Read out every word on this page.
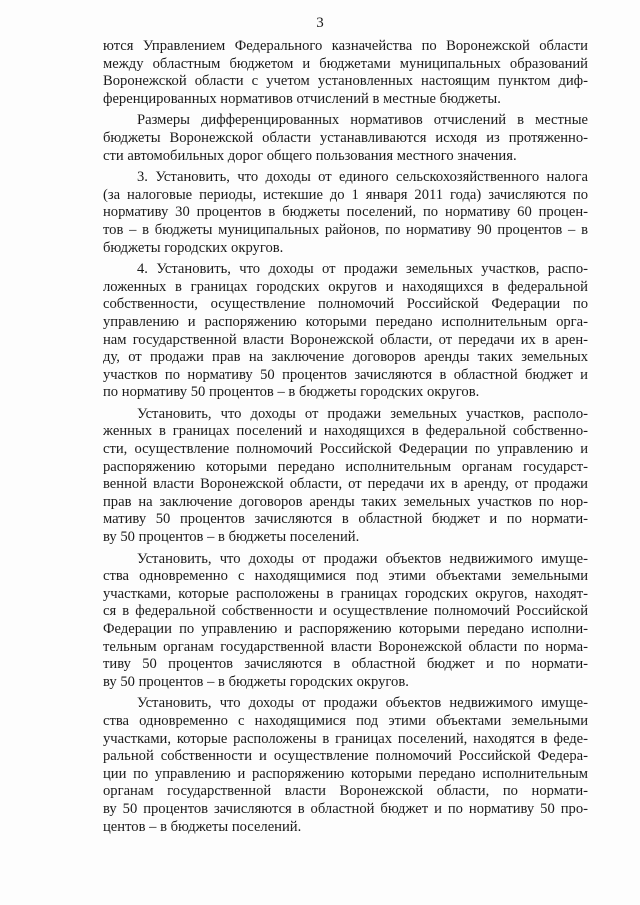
3
ются Управлением Федерального казначейства по Воронежской области
между областным бюджетом и бюджетами муниципальных образований
Воронежской области с учетом установленных настоящим пунктом диф-
ференцированных нормативов отчислений в местные бюджеты.
Размеры дифференцированных нормативов отчислений в местные
бюджеты Воронежской области устанавливаются исходя из протяженно-
сти автомобильных дорог общего пользования местного значения.
3. Установить, что доходы от единого сельскохозяйственного налога
(за налоговые периоды, истекшие до 1 января 2011 года) зачисляются по
нормативу 30 процентов в бюджеты поселений, по нормативу 60 процен-
тов – в бюджеты муниципальных районов, по нормативу 90 процентов – в
бюджеты городских округов.
4. Установить, что доходы от продажи земельных участков, распо-
ложенных в границах городских округов и находящихся в федеральной
собственности, осуществление полномочий Российской Федерации по
управлению и распоряжению которыми передано исполнительным орга-
нам государственной власти Воронежской области, от передачи их в арен-
ду, от продажи прав на заключение договоров аренды таких земельных
участков по нормативу 50 процентов зачисляются в областной бюджет и
по нормативу 50 процентов – в бюджеты городских округов.
Установить, что доходы от продажи земельных участков, располо-
женных в границах поселений и находящихся в федеральной собственно-
сти, осуществление полномочий Российской Федерации по управлению и
распоряжению которыми передано исполнительным органам государст-
венной власти Воронежской области, от передачи их в аренду, от продажи
прав на заключение договоров аренды таких земельных участков по нор-
мативу 50 процентов зачисляются в областной бюджет и по нормати-
ву 50 процентов – в бюджеты поселений.
Установить, что доходы от продажи объектов недвижимого имуще-
ства одновременно с находящимися под этими объектами земельными
участками, которые расположены в границах городских округов, находят-
ся в федеральной собственности и осуществление полномочий Российской
Федерации по управлению и распоряжению которыми передано исполни-
тельным органам государственной власти Воронежской области по норма-
тиву 50 процентов зачисляются в областной бюджет и по нормати-
ву 50 процентов – в бюджеты городских округов.
Установить, что доходы от продажи объектов недвижимого имуще-
ства одновременно с находящимися под этими объектами земельными
участками, которые расположены в границах поселений, находятся в феде-
ральной собственности и осуществление полномочий Российской Федера-
ции по управлению и распоряжению которыми передано исполнительным
органам государственной власти Воронежской области, по нормати-
ву 50 процентов зачисляются в областной бюджет и по нормативу 50 про-
центов – в бюджеты поселений.
